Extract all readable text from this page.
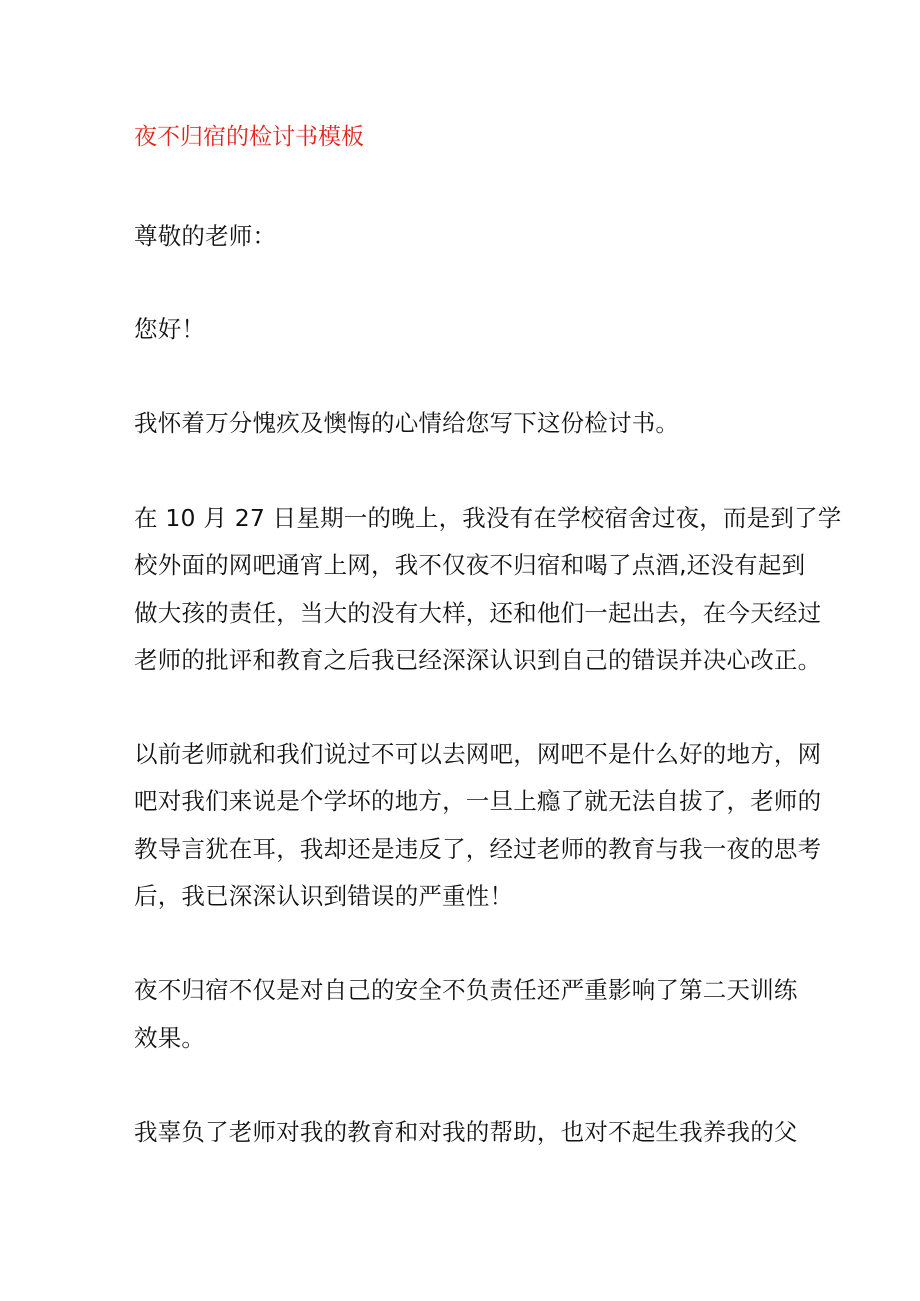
夜不归宿的检讨书模板
尊敬的老师：
您好！
我怀着万分愧疚及懊悔的心情给您写下这份检讨书。
在 10 月 27 日星期一的晚上，我没有在学校宿舍过夜，而是到了学
校外面的网吧通宵上网，我不仅夜不归宿和喝了点酒,还没有起到
做大孩的责任，当大的没有大样，还和他们一起出去，在今天经过
老师的批评和教育之后我已经深深认识到自己的错误并决心改正。
以前老师就和我们说过不可以去网吧，网吧不是什么好的地方，网
吧对我们来说是个学坏的地方，一旦上瘾了就无法自拔了，老师的
教导言犹在耳，我却还是违反了，经过老师的教育与我一夜的思考
后，我已深深认识到错误的严重性！
夜不归宿不仅是对自己的安全不负责任还严重影响了第二天训练
效果。
我辜负了老师对我的教育和对我的帮助，也对不起生我养我的父
